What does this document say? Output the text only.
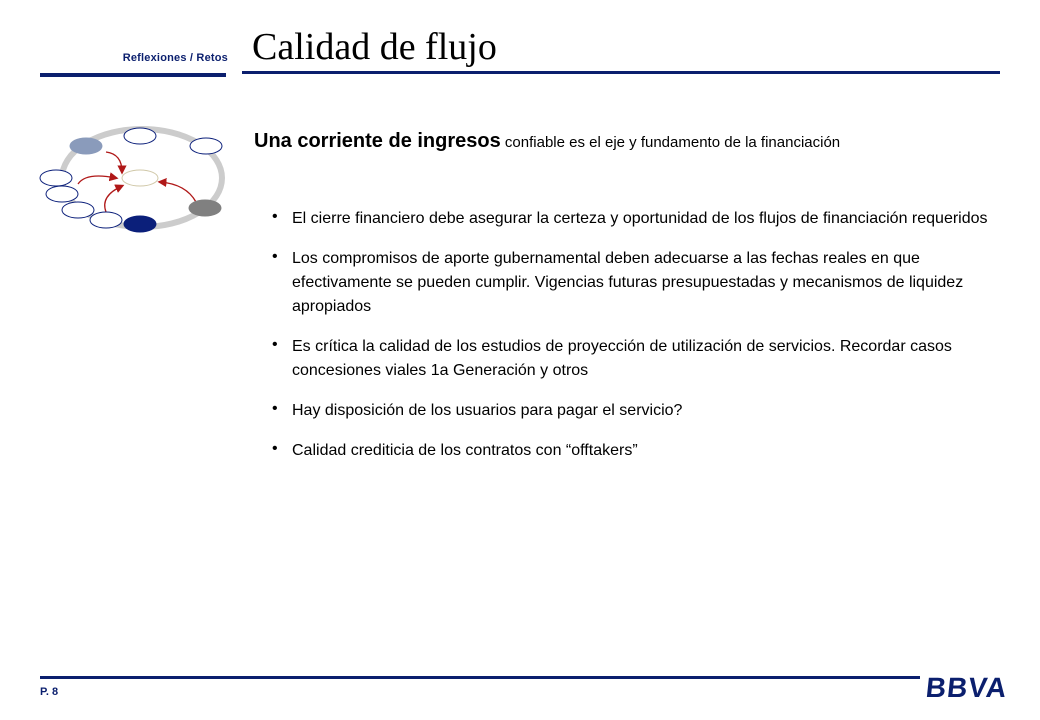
Reflexiones / Retos Calidad de flujo
Una corriente de ingresos confiable es el eje y fundamento de la financiación
• El cierre financiero debe asegurar la certeza y oportunidad de los flujos de financiación requeridos
• Los compromisos de aporte gubernamental deben adecuarse a las fechas reales en que efectivamente se pueden cumplir. Vigencias futuras presupuestadas y mecanismos de liquidez apropiados
• Es crítica la calidad de los estudios de proyección de utilización de servicios. Recordar casos concesiones viales 1a Generación y otros
• Hay disposición de los usuarios para pagar el servicio?
• Calidad crediticia de los contratos con “offtakers”
P. 8	BBVA
